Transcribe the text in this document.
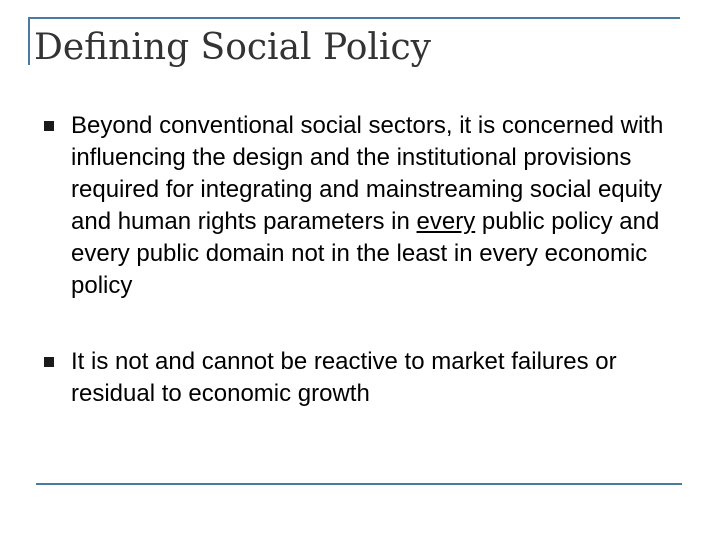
Defining Social Policy
Beyond conventional social sectors, it is concerned with influencing the design and the institutional provisions required for integrating and mainstreaming social equity and human rights parameters in every public policy and every public domain not in the least in every economic policy
It is not and cannot be reactive to market failures or residual to economic growth
